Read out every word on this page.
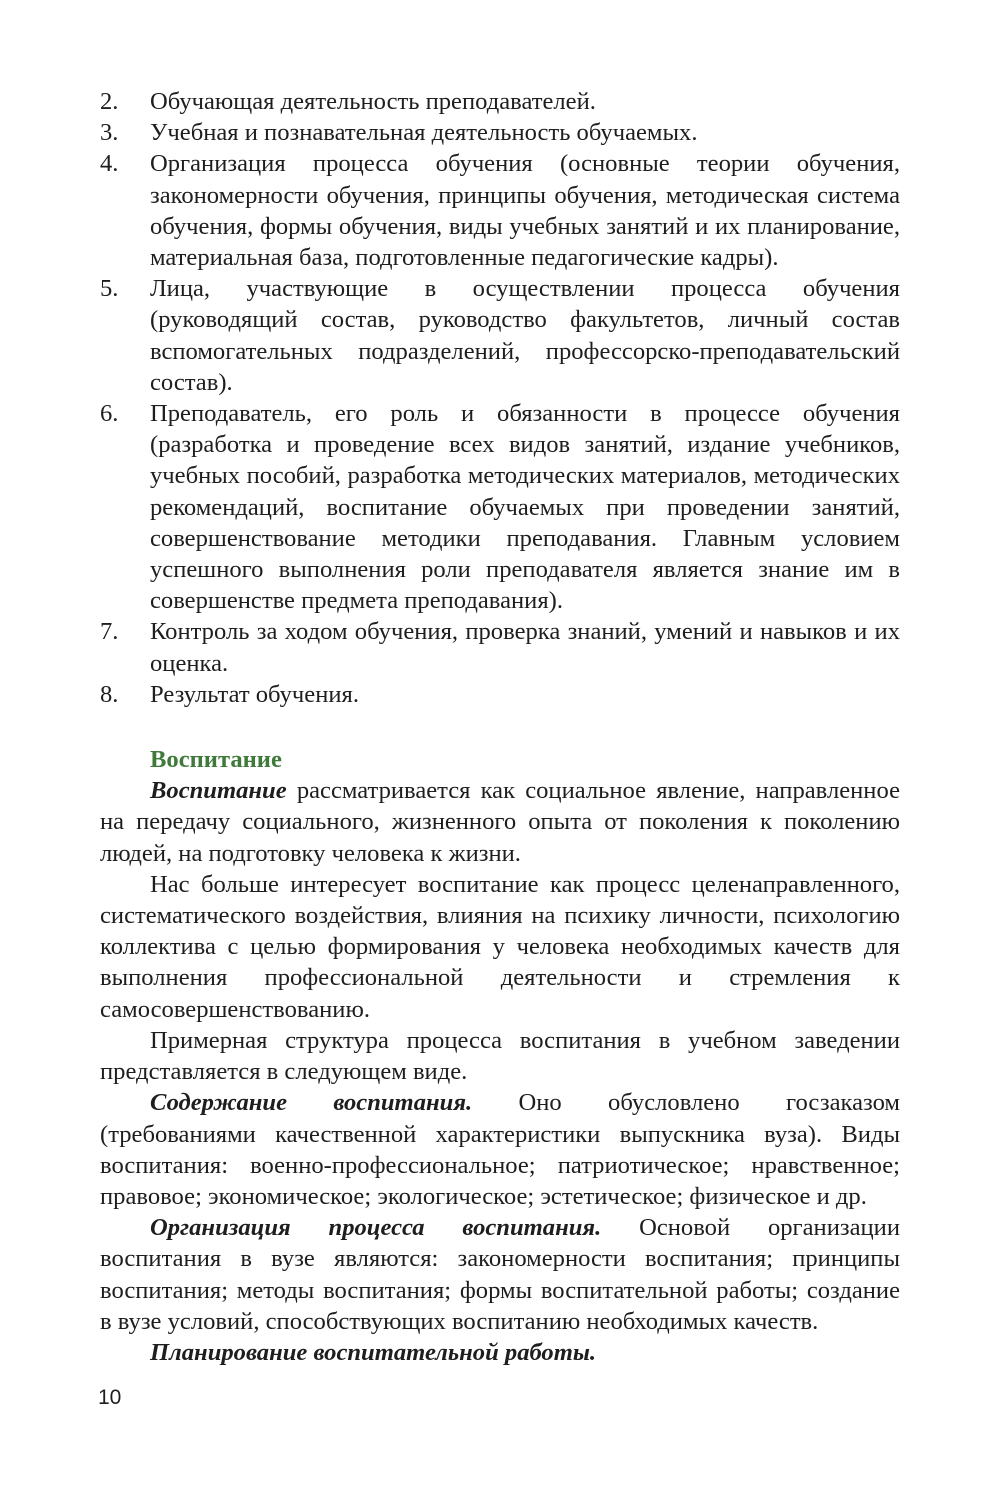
2. Обучающая деятельность преподавателей.
3. Учебная и познавательная деятельность обучаемых.
4. Организация процесса обучения (основные теории обучения, закономерности обучения, принципы обучения, методическая система обучения, формы обучения, виды учебных занятий и их планирование, материальная база, подготовленные педагогические кадры).
5. Лица, участвующие в осуществлении процесса обучения (руководящий состав, руководство факультетов, личный состав вспомогательных подразделений, профессорско-преподавательский состав).
6. Преподаватель, его роль и обязанности в процессе обучения (разработка и проведение всех видов занятий, издание учебников, учебных пособий, разработка методических материалов, методических рекомендаций, воспитание обучаемых при проведении занятий, совершенствование методики преподавания. Главным условием успешного выполнения роли преподавателя является знание им в совершенстве предмета преподавания).
7. Контроль за ходом обучения, проверка знаний, умений и навыков и их оценка.
8. Результат обучения.
Воспитание

Воспитание рассматривается как социальное явление, направленное на передачу социального, жизненного опыта от поколения к поколению людей, на подготовку человека к жизни.

Нас больше интересует воспитание как процесс целенаправленного, систематического воздействия, влияния на психику личности, психологию коллектива с целью формирования у человека необходимых качеств для выполнения профессиональной деятельности и стремления к самосовершенствованию.

Примерная структура процесса воспитания в учебном заведении представляется в следующем виде.

Содержание воспитания. Оно обусловлено госзаказом (требованиями качественной характеристики выпускника вуза). Виды воспитания: военно-профессиональное; патриотическое; нравственное; правовое; экономическое; экологическое; эстетическое; физическое и др.

Организация процесса воспитания. Основой организации воспитания в вузе являются: закономерности воспитания; принципы воспитания; методы воспитания; формы воспитательной работы; создание в вузе условий, способствующих воспитанию необходимых качеств.

Планирование воспитательной работы.

10
